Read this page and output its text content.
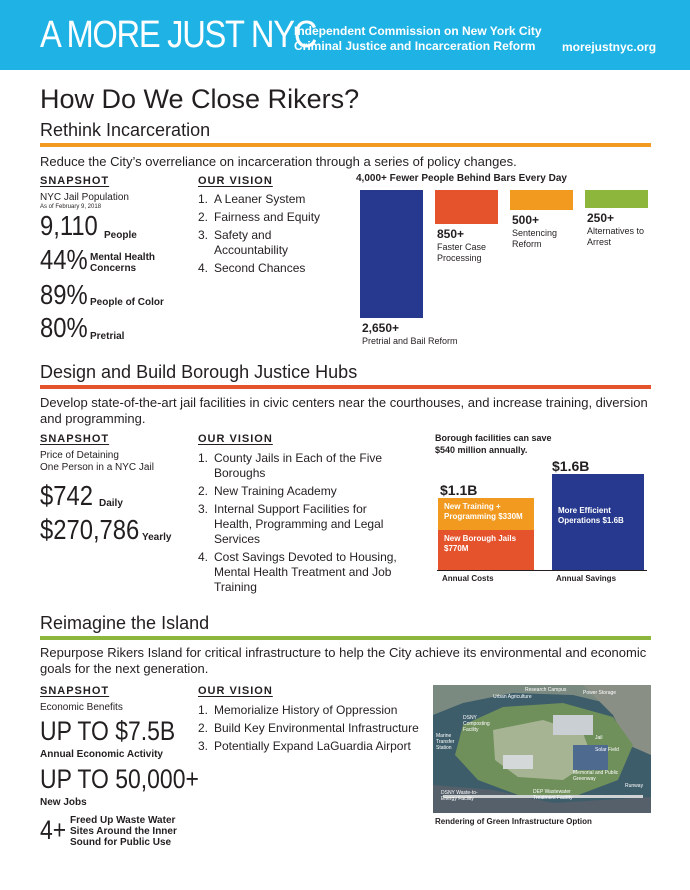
A MORE JUST NYC
Independent Commission on New York City
Criminal Justice and Incarceration Reform	morejustnyc.org
How Do We Close Rikers?
Rethink Incarceration
Reduce the City’s overreliance on incarceration through a series of policy changes.
SNAPSHOT
NYC Jail Population
As of February 9, 2018
9,110 People
44% Mental Health Concerns
89% People of Color
80% Pretrial
OUR VISION
1. A Leaner System
2. Fairness and Equity
3. Safety and Accountability
4. Second Chances
4,000+ Fewer People Behind Bars Every Day
2,650+
Pretrial and Bail Reform
850+
Faster Case Processing
500+
Sentencing Reform
250+
Alternatives to Arrest
Design and Build Borough Justice Hubs
Develop state-of-the-art jail facilities in civic centers near the courthouses, and increase training, diversion and programming.
SNAPSHOT
Price of Detaining
One Person in a NYC Jail
$742 Daily
$270,786 Yearly
OUR VISION
1. County Jails in Each of the Five Boroughs
2. New Training Academy
3. Internal Support Facilities for Health, Programming and Legal Services
4. Cost Savings Devoted to Housing, Mental Health Treatment and Job Training
Borough facilities can save $540 million annually.
$1.1B
New Training + Programming $330M
New Borough Jails $770M
$1.6B
More Efficient Operations $1.6B
Annual Costs	Annual Savings
Reimagine the Island
Repurpose Rikers Island for critical infrastructure to help the City achieve its environmental and economic goals for the next generation.
SNAPSHOT
Economic Benefits
UP TO $7.5B
Annual Economic Activity
UP TO 50,000+
New Jobs
4+ Freed Up Waste Water Sites Around the Inner Sound for Public Use
OUR VISION
1. Memorialize History of Oppression
2. Build Key Environmental Infrastructure
3. Potentially Expand LaGuardia Airport
Research Campus
Urban Agriculture
Power Storage
DSNY Composting Facility
Marine Transfer Station
Jail
Solar Field
Memorial and Public Greenway
DSNY Waste-to-Energy Facility
DEP Wastewater Treatment Facility
Runway
Rendering of Green Infrastructure Option
